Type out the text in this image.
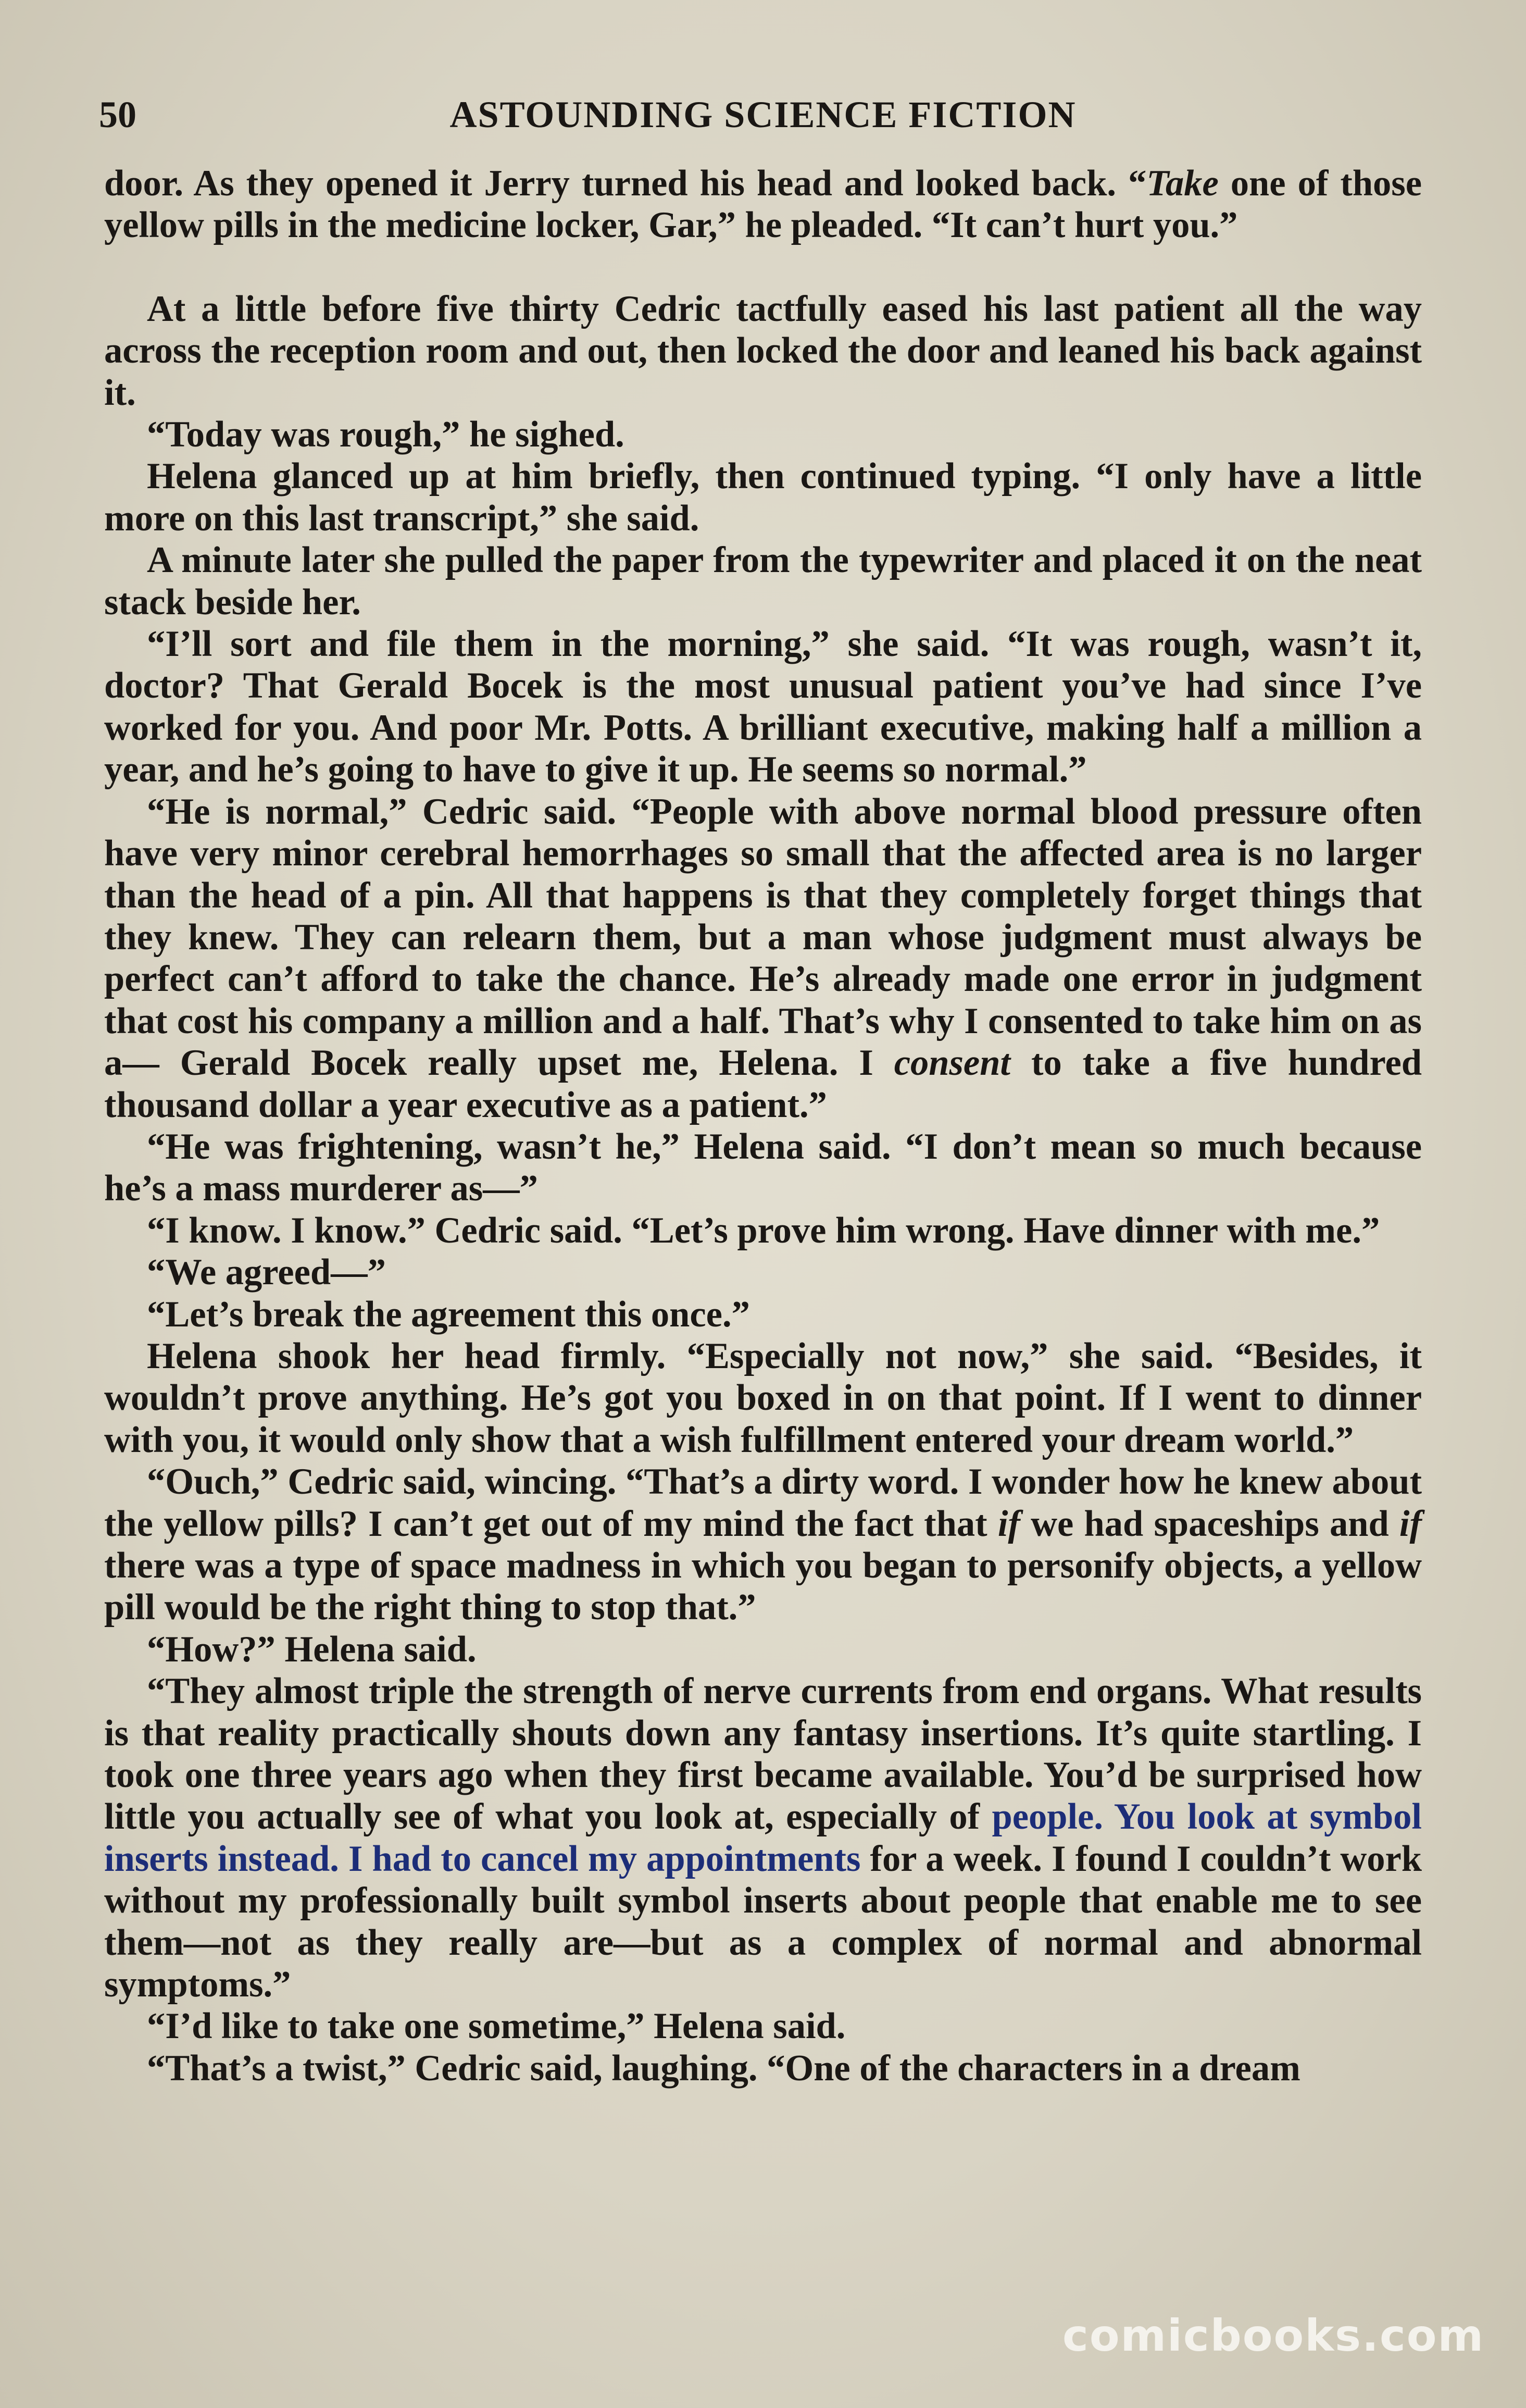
50	ASTOUNDING SCIENCE FICTION

door. As they opened it Jerry turned his head and looked back. “Take one of those yellow pills in the medicine locker, Gar,” he pleaded. “It can’t hurt you.”

At a little before five thirty Cedric tactfully eased his last patient all the way across the reception room and out, then locked the door and leaned his back against it.

“Today was rough,” he sighed.

Helena glanced up at him briefly, then continued typing. “I only have a little more on this last transcript,” she said.

A minute later she pulled the paper from the typewriter and placed it on the neat stack beside her.

“I’ll sort and file them in the morning,” she said. “It was rough, wasn’t it, doctor? That Gerald Bocek is the most unusual patient you’ve had since I’ve worked for you. And poor Mr. Potts. A brilliant executive, making half a million a year, and he’s going to have to give it up. He seems so normal.”

“He is normal,” Cedric said. “People with above normal blood pressure often have very minor cerebral hemorrhages so small that the affected area is no larger than the head of a pin. All that happens is that they completely forget things that they knew. They can relearn them, but a man whose judgment must always be perfect can’t afford to take the chance. He’s already made one error in judgment that cost his company a million and a half. That’s why I consented to take him on as a— Gerald Bocek really upset me, Helena. I consent to take a five hundred thousand dollar a year executive as a patient.”

“He was frightening, wasn’t he,” Helena said. “I don’t mean so much because he’s a mass murderer as—”

“I know. I know.” Cedric said. “Let’s prove him wrong. Have dinner with me.”

“We agreed—”

“Let’s break the agreement this once.”

Helena shook her head firmly. “Especially not now,” she said. “Besides, it wouldn’t prove anything. He’s got you boxed in on that point. If I went to dinner with you, it would only show that a wish fulfillment entered your dream world.”

“Ouch,” Cedric said, wincing. “That’s a dirty word. I wonder how he knew about the yellow pills? I can’t get out of my mind the fact that if we had spaceships and if there was a type of space madness in which you began to personify objects, a yellow pill would be the right thing to stop that.”

“How?” Helena said.

“They almost triple the strength of nerve currents from end organs. What results is that reality practically shouts down any fantasy insertions. It’s quite startling. I took one three years ago when they first became available. You’d be surprised how little you actually see of what you look at, especially of people. You look at symbol inserts instead. I had to cancel my appointments for a week. I found I couldn’t work without my professionally built symbol inserts about people that enable me to see them—not as they really are—but as a complex of normal and abnormal symptoms.”

“I’d like to take one sometime,” Helena said.

“That’s a twist,” Cedric said, laughing. “One of the characters in a dream

comicbooks.com
